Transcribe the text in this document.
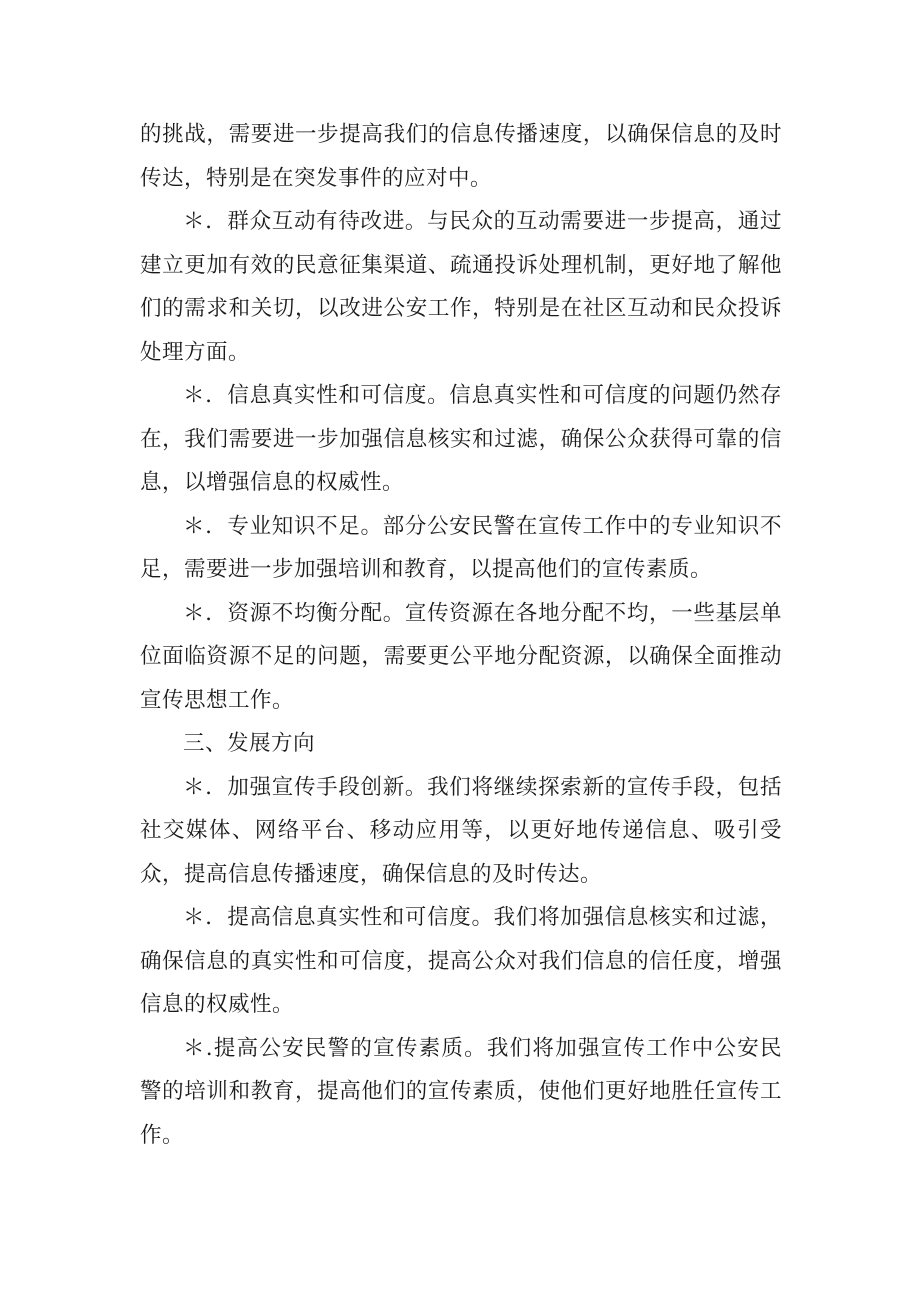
的挑战，需要进一步提高我们的信息传播速度，以确保信息的及时传达，特别是在突发事件的应对中。

＊．群众互动有待改进。与民众的互动需要进一步提高，通过建立更加有效的民意征集渠道、疏通投诉处理机制，更好地了解他们的需求和关切，以改进公安工作，特别是在社区互动和民众投诉处理方面。

＊．信息真实性和可信度。信息真实性和可信度的问题仍然存在，我们需要进一步加强信息核实和过滤，确保公众获得可靠的信息，以增强信息的权威性。

＊．专业知识不足。部分公安民警在宣传工作中的专业知识不足，需要进一步加强培训和教育，以提高他们的宣传素质。

＊．资源不均衡分配。宣传资源在各地分配不均，一些基层单位面临资源不足的问题，需要更公平地分配资源，以确保全面推动宣传思想工作。

三、发展方向

＊．加强宣传手段创新。我们将继续探索新的宣传手段，包括社交媒体、网络平台、移动应用等，以更好地传递信息、吸引受众，提高信息传播速度，确保信息的及时传达。

＊．提高信息真实性和可信度。我们将加强信息核实和过滤，确保信息的真实性和可信度，提高公众对我们信息的信任度，增强信息的权威性。

＊.提高公安民警的宣传素质。我们将加强宣传工作中公安民警的培训和教育，提高他们的宣传素质，使他们更好地胜任宣传工作。
